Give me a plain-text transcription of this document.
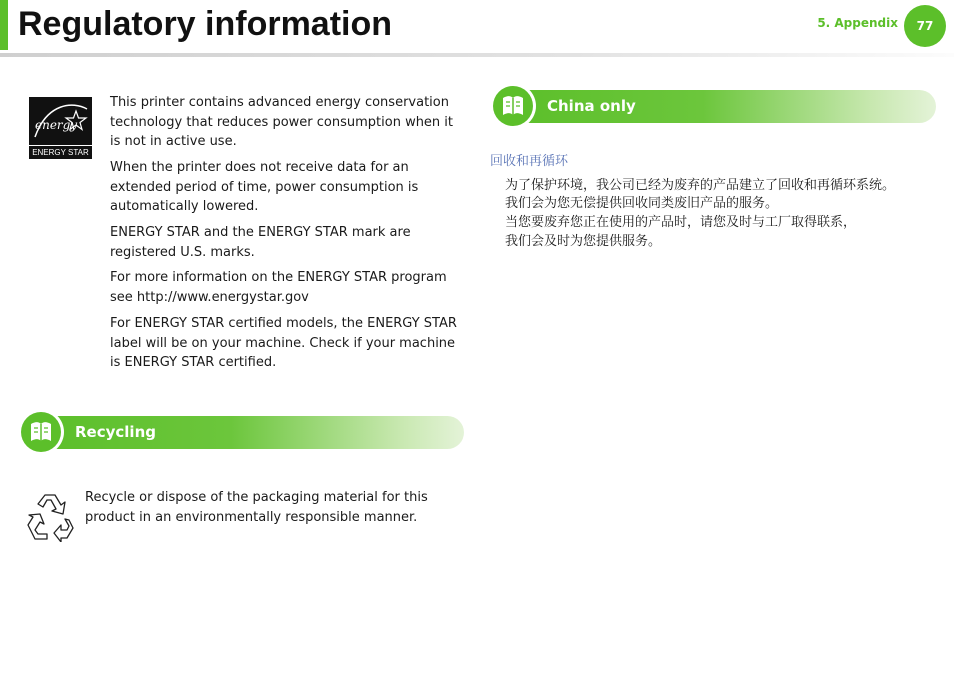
Regulatory information	5. Appendix	77
energy
ENERGY STAR

This printer contains advanced energy conservation technology that reduces power consumption when it is not in active use.

When the printer does not receive data for an extended period of time, power consumption is automatically lowered.

ENERGY STAR and the ENERGY STAR mark are registered U.S. marks.

For more information on the ENERGY STAR program see http://www.energystar.gov

For ENERGY STAR certified models, the ENERGY STAR label will be on your machine. Check if your machine is ENERGY STAR certified.

Recycling

Recycle or dispose of the packaging material for this product in an environmentally responsible manner.

China only

回收和再循环

为了保护环境，我公司已经为废弃的产品建立了回收和再循环系统。

我们会为您无偿提供回收同类废旧产品的服务。

当您要废弃您正在使用的产品时，请您及时与工厂取得联系，

我们会及时为您提供服务。
